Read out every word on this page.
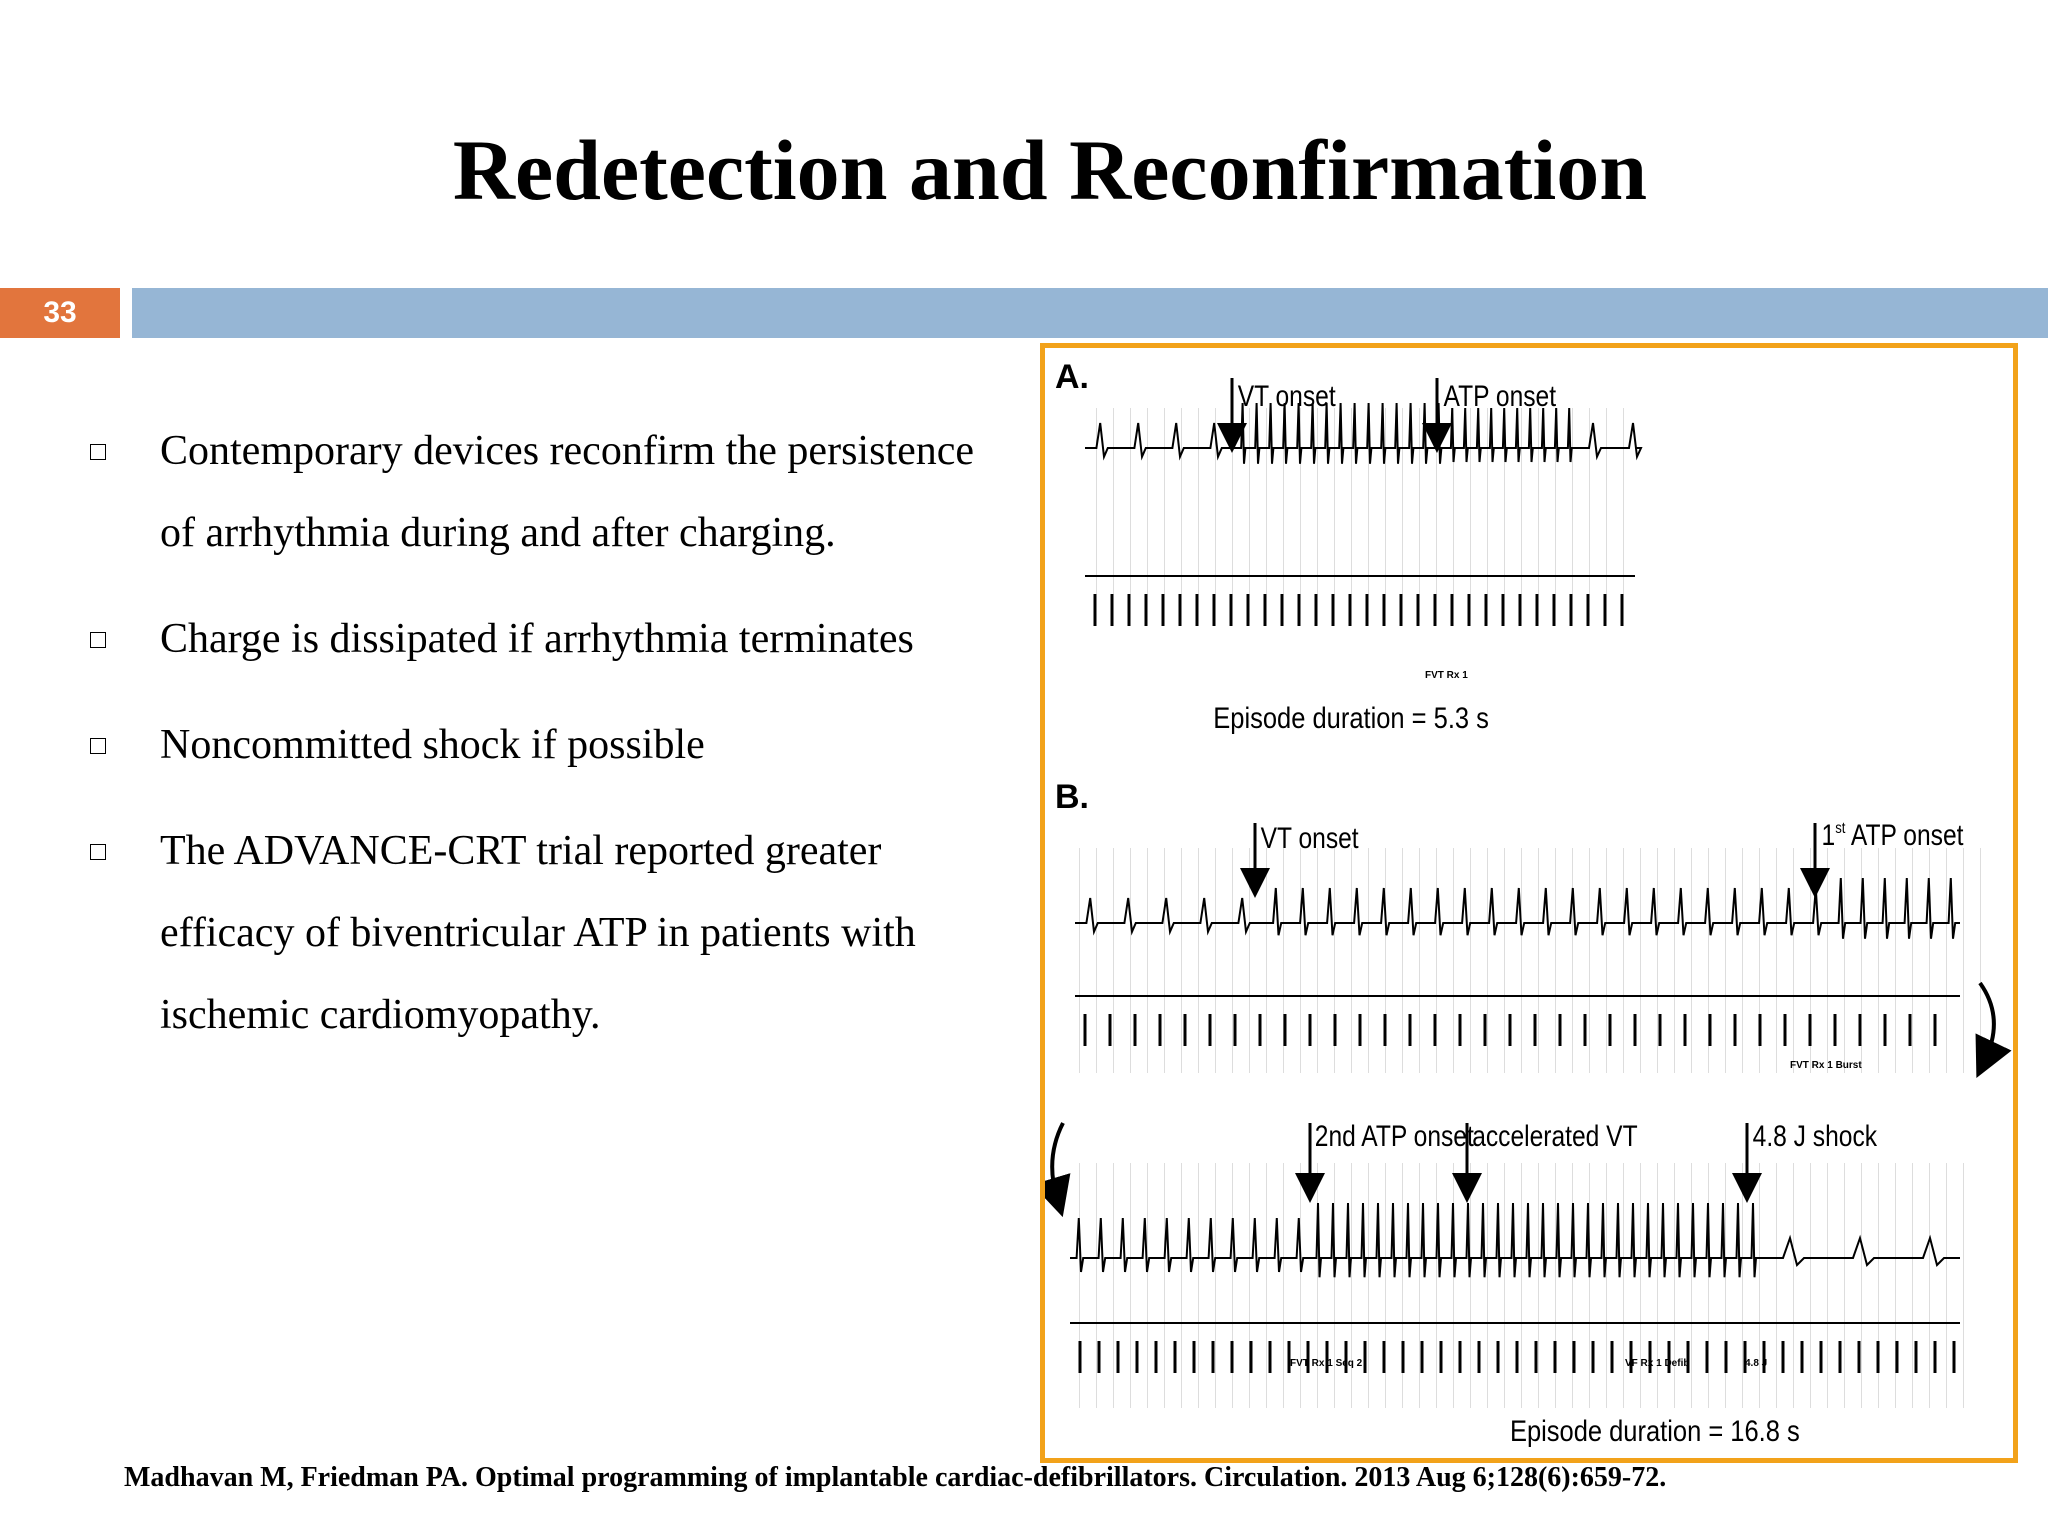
Redetection and Reconfirmation
33
Contemporary devices reconfirm the persistence of arrhythmia during and after charging.
Charge is dissipated if arrhythmia terminates
Noncommitted shock if possible
The ADVANCE-CRT trial reported greater efficacy of biventricular ATP in patients with ischemic cardiomyopathy.
A.	VT onset	ATP onset
FVT Rx 1
Episode duration = 5.3 s
B.
VT onset	1st ATP onset
FVT Rx 1 Burst
2nd ATP onset
accelerated VT	4.8 J shock
FVT Rx 1 Seq 2	VF Rx 1 Defib	4.8 J
Episode duration = 16.8 s
Madhavan M, Friedman PA. Optimal programming of implantable cardiac-defibrillators. Circulation. 2013 Aug 6;128(6):659-72.
